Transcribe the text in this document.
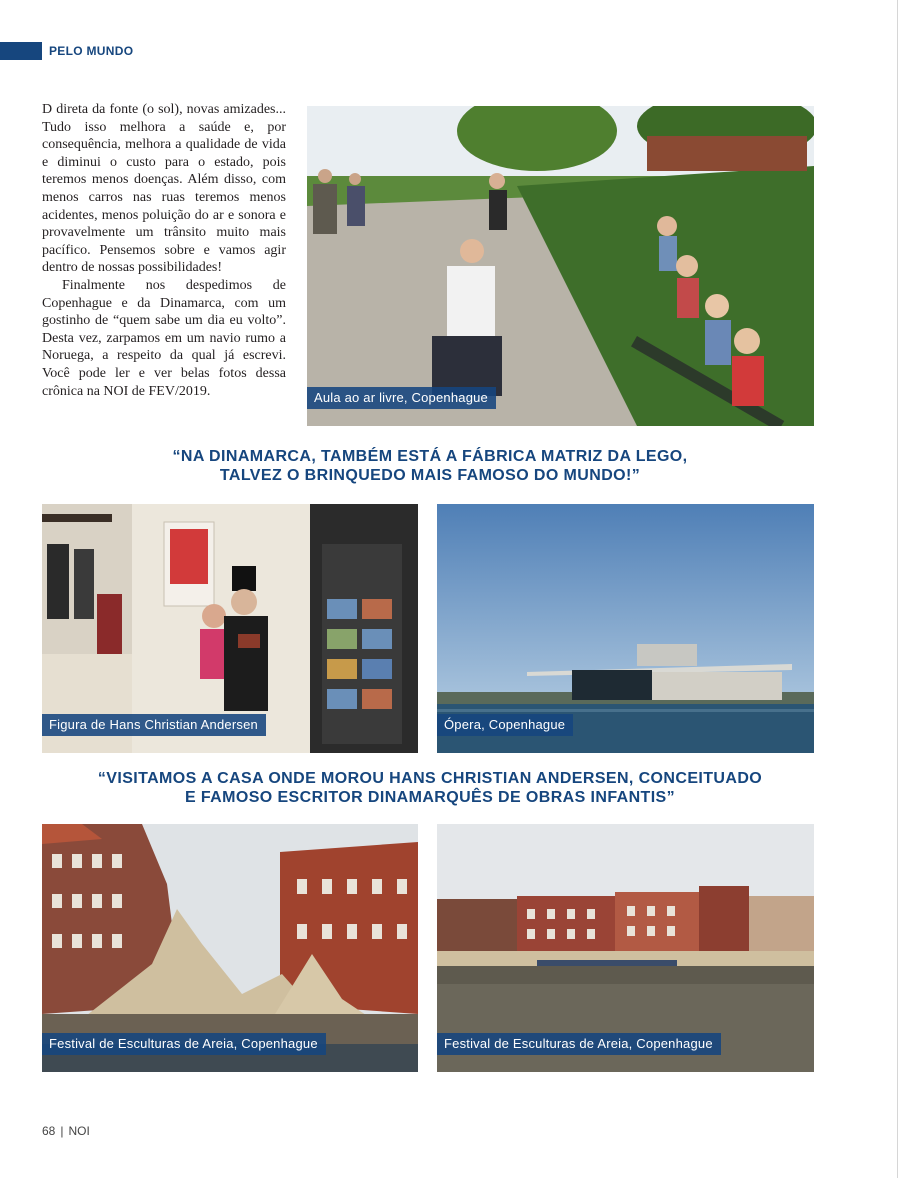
PELO MUNDO

D direta da fonte (o sol), novas amizades... Tudo isso melhora a saúde e, por consequência, melhora a qualidade de vida e diminui o custo para o estado, pois teremos menos doenças. Além disso, com menos carros nas ruas teremos menos acidentes, menos poluição do ar e sonora e provavelmente um trânsito muito mais pacífico. Pensemos sobre e vamos agir dentro de nossas possibilidades!

Finalmente nos despedimos de Copenhague e da Dinamarca, com um gostinho de “quem sabe um dia eu volto”. Desta vez, zarpamos em um navio rumo a Noruega, a respeito da qual já escrevi. Você pode ler e ver belas fotos dessa crônica na NOI de FEV/2019.	Aula ao ar livre, Copenhague
“NA DINAMARCA, TAMBÉM ESTÁ A FÁBRICA MATRIZ DA LEGO,
TALVEZ O BRINQUEDO MAIS FAMOSO DO MUNDO!”
Figura de Hans Christian Andersen	Ópera, Copenhague
“VISITAMOS A CASA ONDE MOROU HANS CHRISTIAN ANDERSEN, CONCEITUADO
E FAMOSO ESCRITOR DINAMARQUÊS DE OBRAS INFANTIS”
Festival de Esculturas de Areia, Copenhague	Festival de Esculturas de Areia, Copenhague
68 | NOI
